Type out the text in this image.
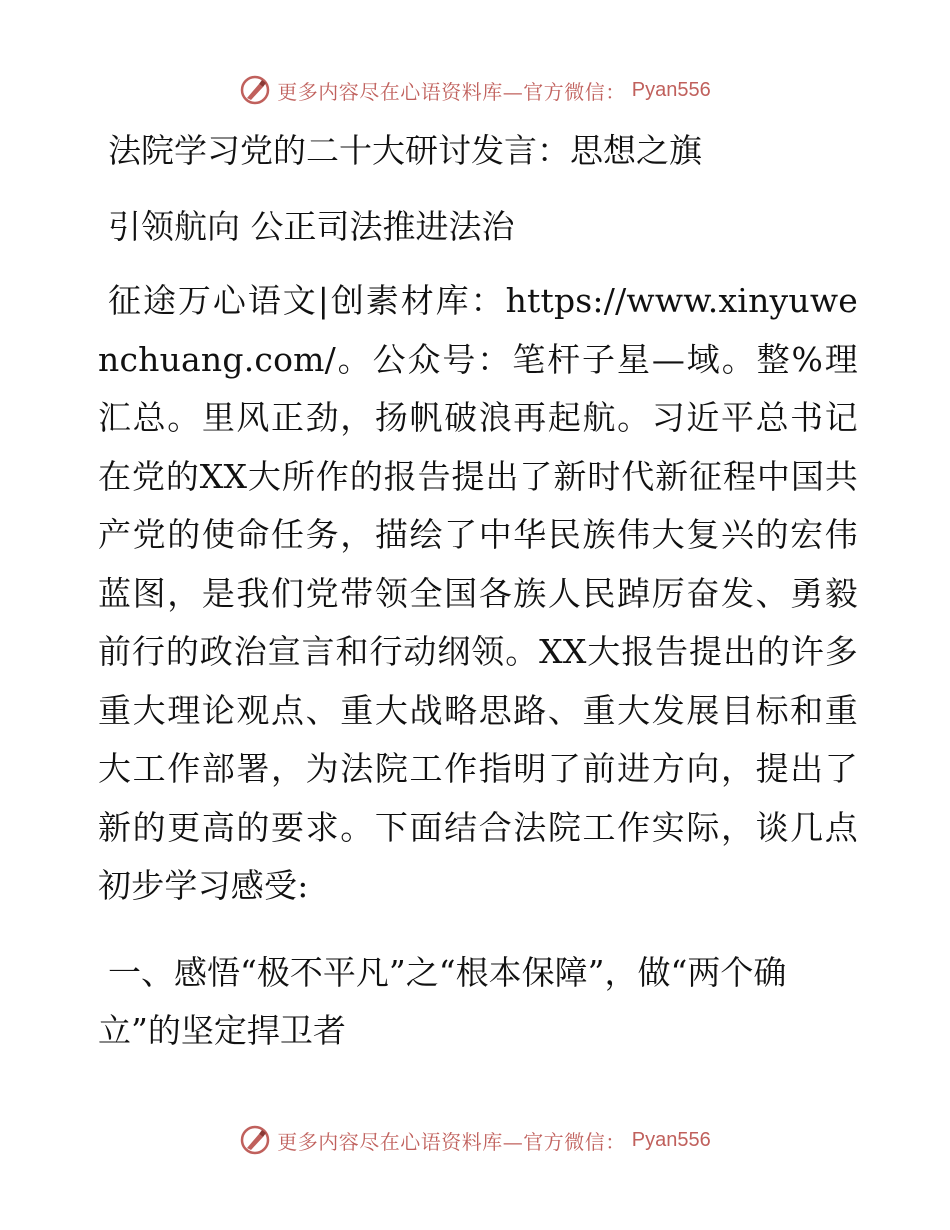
更多内容尽在心语资料库—官方微信： Pyan556
法院学习党的二十大研讨发言：思想之旗
引领航向 公正司法推进法治

征途万心语文|创素材库：https://www.xinyuwenchuang.com/。公众号：笔杆子星—域。整%理汇总。里风正劲，扬帆破浪再起航。习近平总书记在党的XX大所作的报告提出了新时代新征程中国共产党的使命任务，描绘了中华民族伟大复兴的宏伟蓝图，是我们党带领全国各族人民踔厉奋发、勇毅前行的政治宣言和行动纲领。XX大报告提出的许多重大理论观点、重大战略思路、重大发展目标和重大工作部署，为法院工作指明了前进方向，提出了新的更高的要求。下面结合法院工作实际，谈几点初步学习感受:

一、感悟“极不平凡”之“根本保障”，做“两个确立”的坚定捍卫者

更多内容尽在心语资料库—官方微信： Pyan556
